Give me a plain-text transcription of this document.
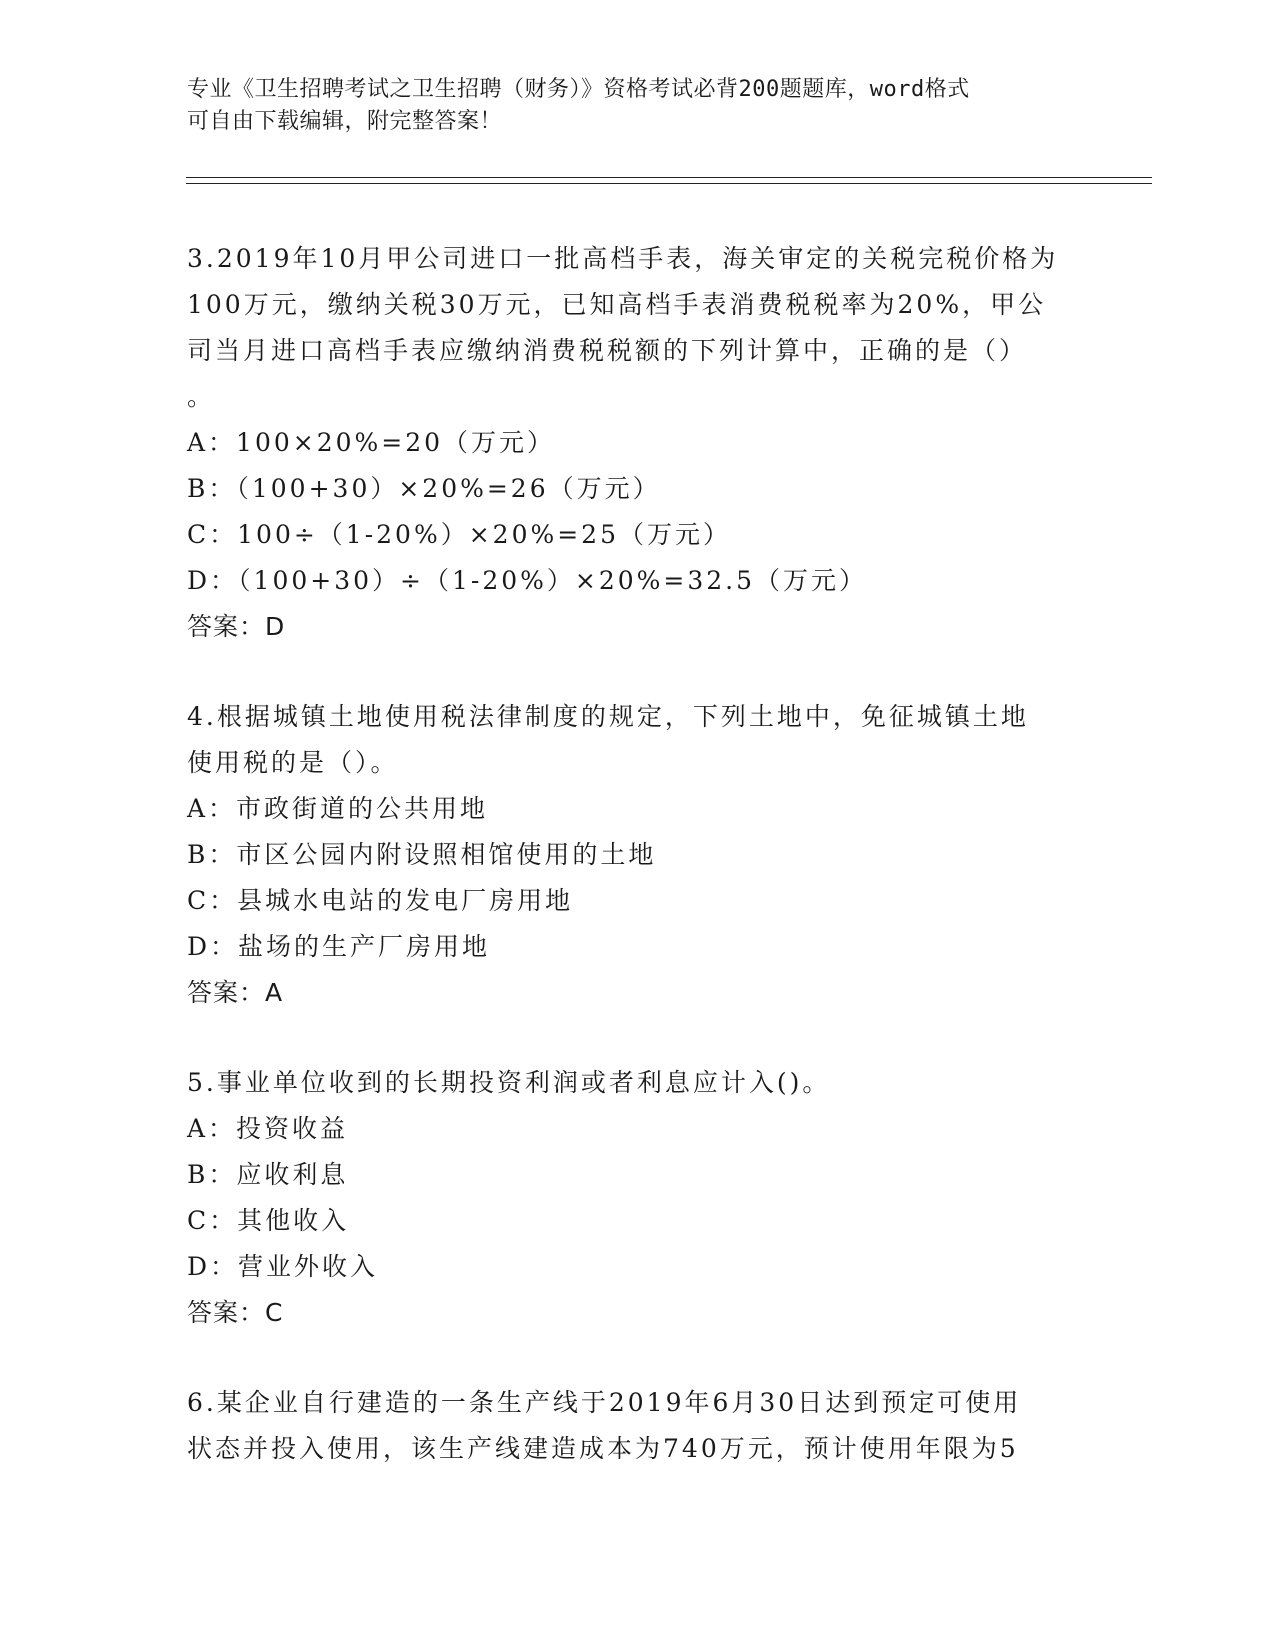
专业《卫生招聘考试之卫生招聘（财务）》资格考试必背200题题库，word格式
可自由下载编辑，附完整答案！
3.2019年10月甲公司进口一批高档手表，海关审定的关税完税价格为
100万元，缴纳关税30万元，已知高档手表消费税税率为20%，甲公
司当月进口高档手表应缴纳消费税税额的下列计算中，正确的是（）
。
A：100×20%=20（万元）
B：（100+30）×20%=26（万元）
C：100÷（1-20%）×20%=25（万元）
D：（100+30）÷（1-20%）×20%=32.5（万元）
答案：D
4.根据城镇土地使用税法律制度的规定，下列土地中，免征城镇土地
使用税的是（）。
A：市政街道的公共用地
B：市区公园内附设照相馆使用的土地
C：县城水电站的发电厂房用地
D：盐场的生产厂房用地
答案：A
5.事业单位收到的长期投资利润或者利息应计入()。
A：投资收益
B：应收利息
C：其他收入
D：营业外收入
答案：C
6.某企业自行建造的一条生产线于2019年6月30日达到预定可使用
状态并投入使用，该生产线建造成本为740万元，预计使用年限为5
